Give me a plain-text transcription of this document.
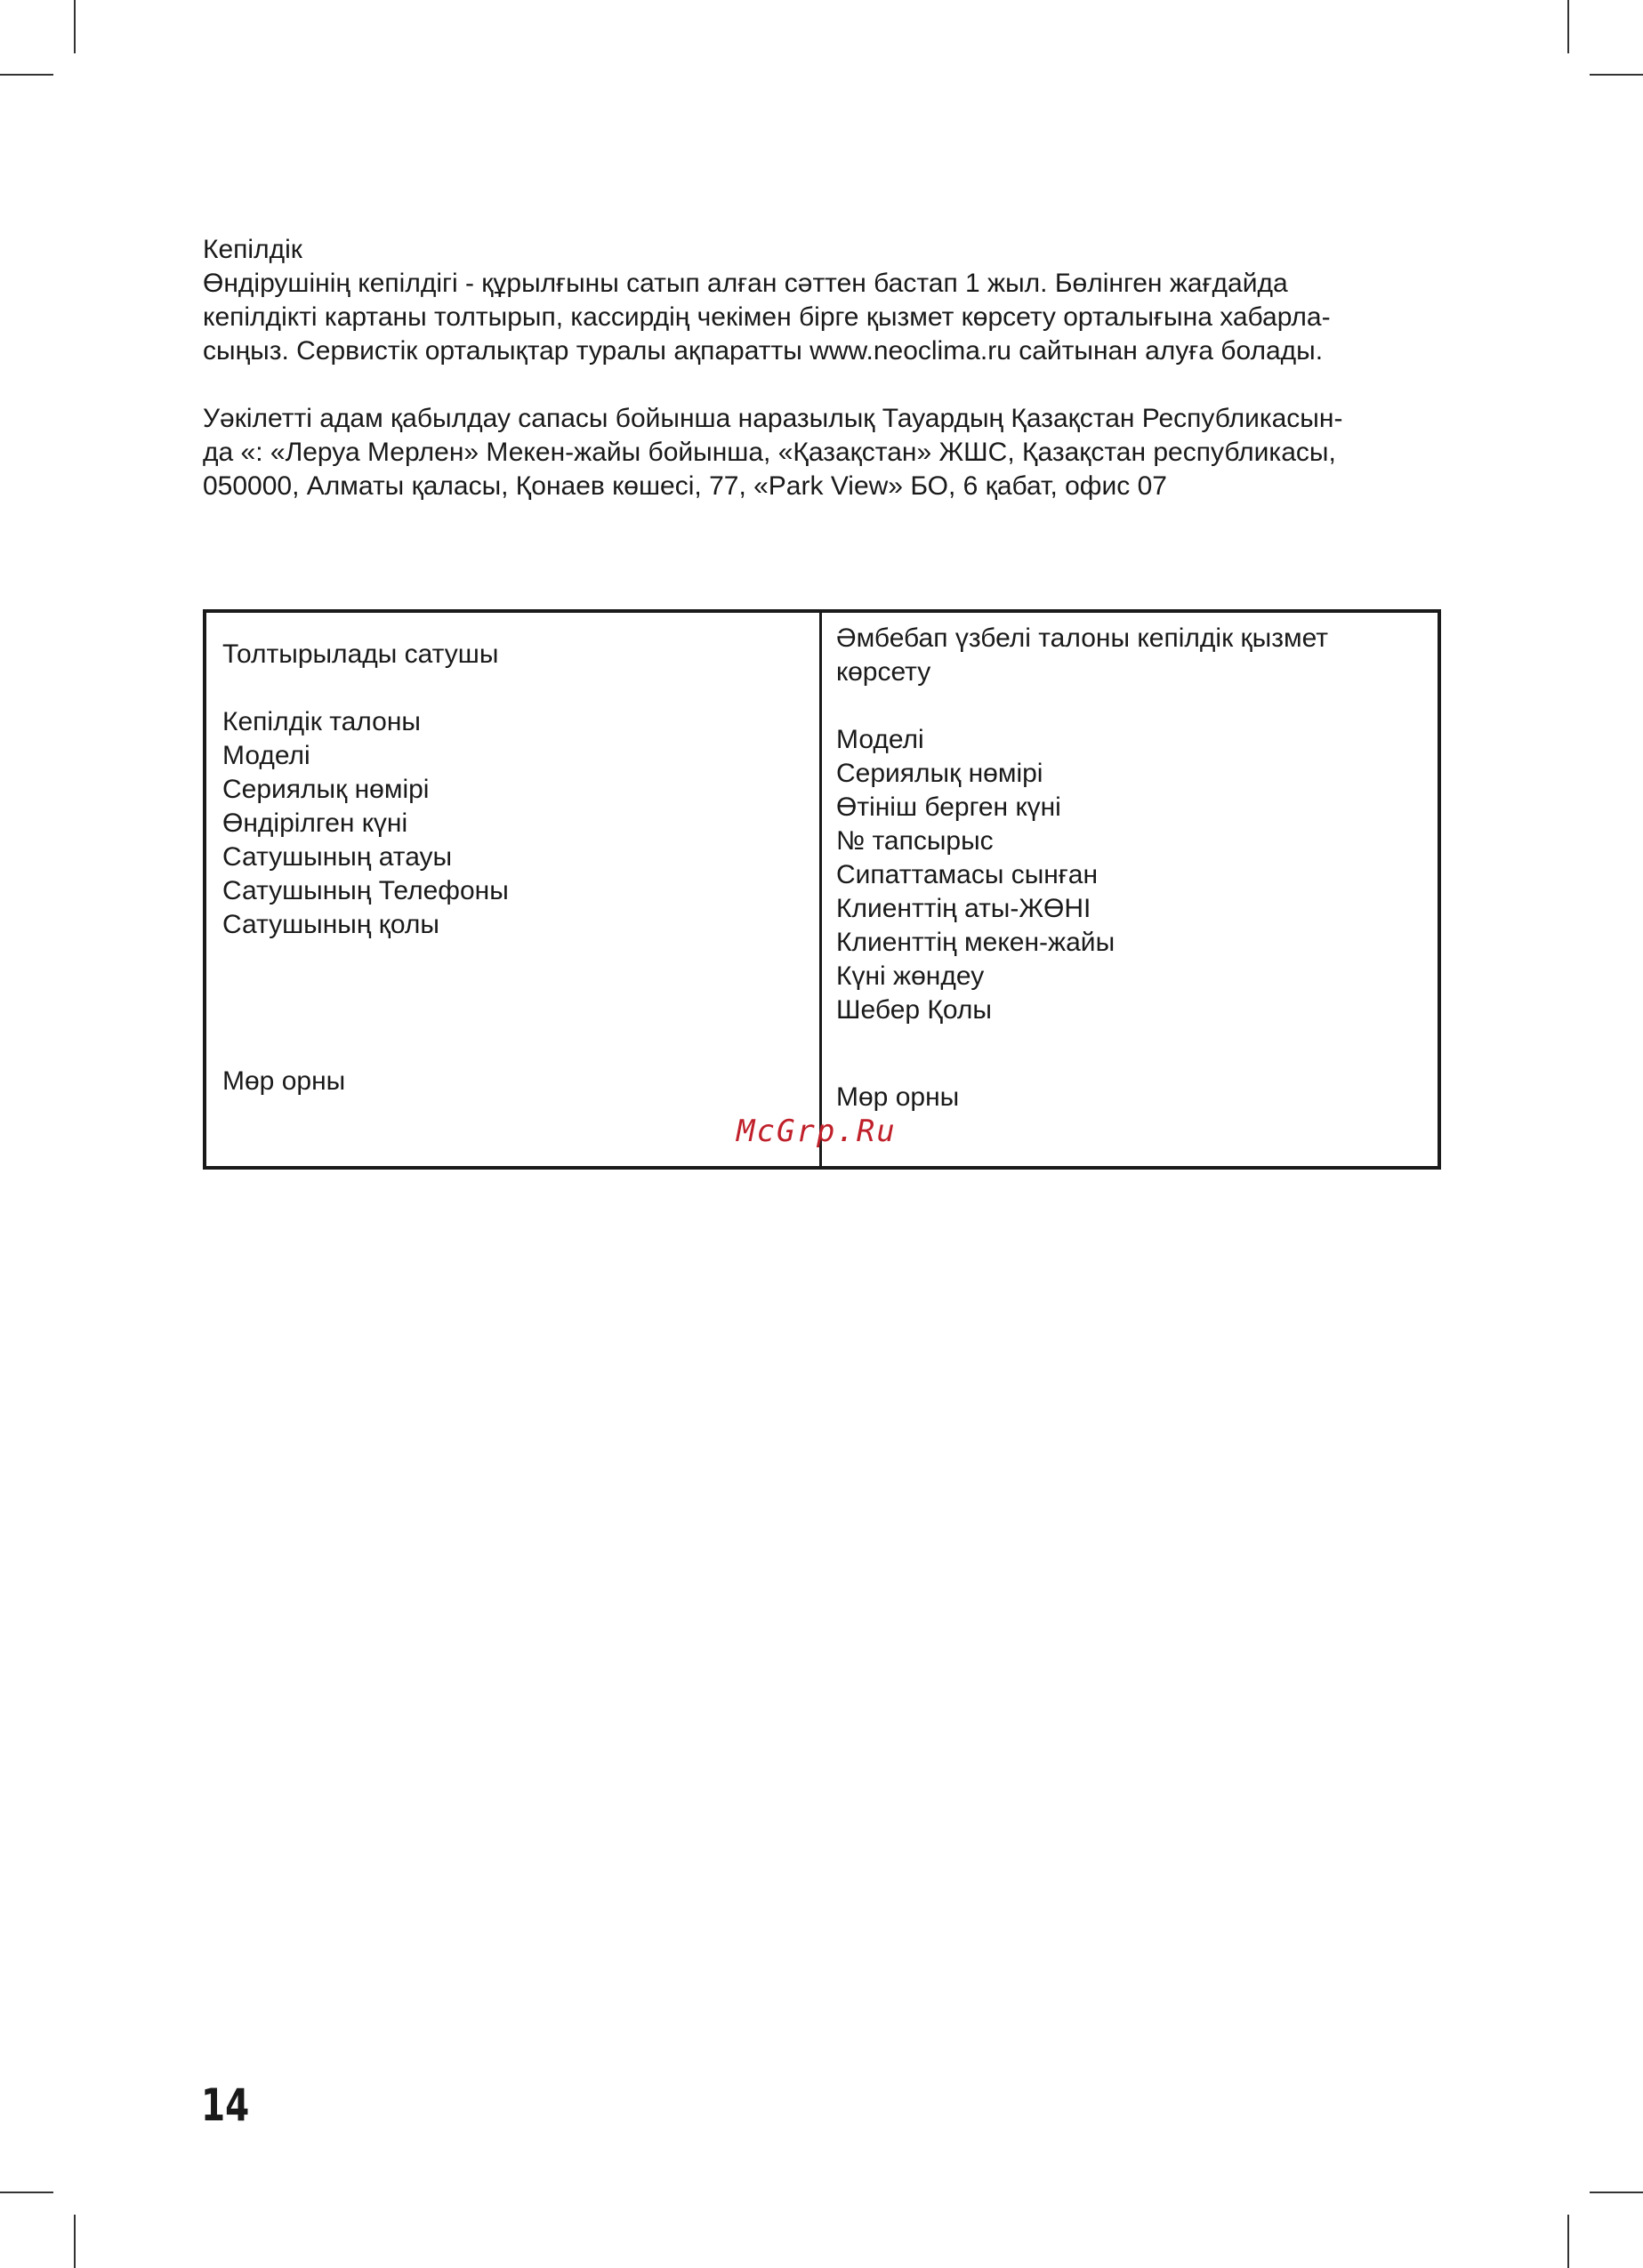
Кепілдік

Өндірушінің кепілдігі - құрылғыны сатып алған сәттен бастап 1 жыл. Бөлінген жағдайда

кепілдікті картаны толтырып, кассирдің чекімен бірге қызмет көрсету орталығына хабарла-

сыңыз. Сервистік орталықтар туралы ақпаратты www.neoclima.ru сайтынан алуға болады.

Уәкілетті адам қабылдау сапасы бойынша наразылық Тауардың Қазақстан Республикасын-

да «: «Леруа Мерлен» Мекен-жайы бойынша, «Қазақстан» ЖШС, Қазақстан республикасы,

050000, Алматы қаласы, Қонаев көшесі, 77, «Park View» БО, 6 қабат, офис 07

Толтырылады сатушы

Кепілдік талоны

Моделі

Сериялық нөмірі

Өндірілген күні

Сатушының атауы

Сатушының Телефоны

Сатушының қолы

Мөр орны

Әмбебап үзбелі талоны кепілдік қызмет көрсету

Моделі

Сериялық нөмірі

Өтініш берген күні

№ тапсырыс

Сипаттамасы сынған

Клиенттің аты-ЖӨНІ

Клиенттің мекен-жайы

Күні жөндеу

Шебер Қолы

Мөр орны

McGrp.Ru
14
